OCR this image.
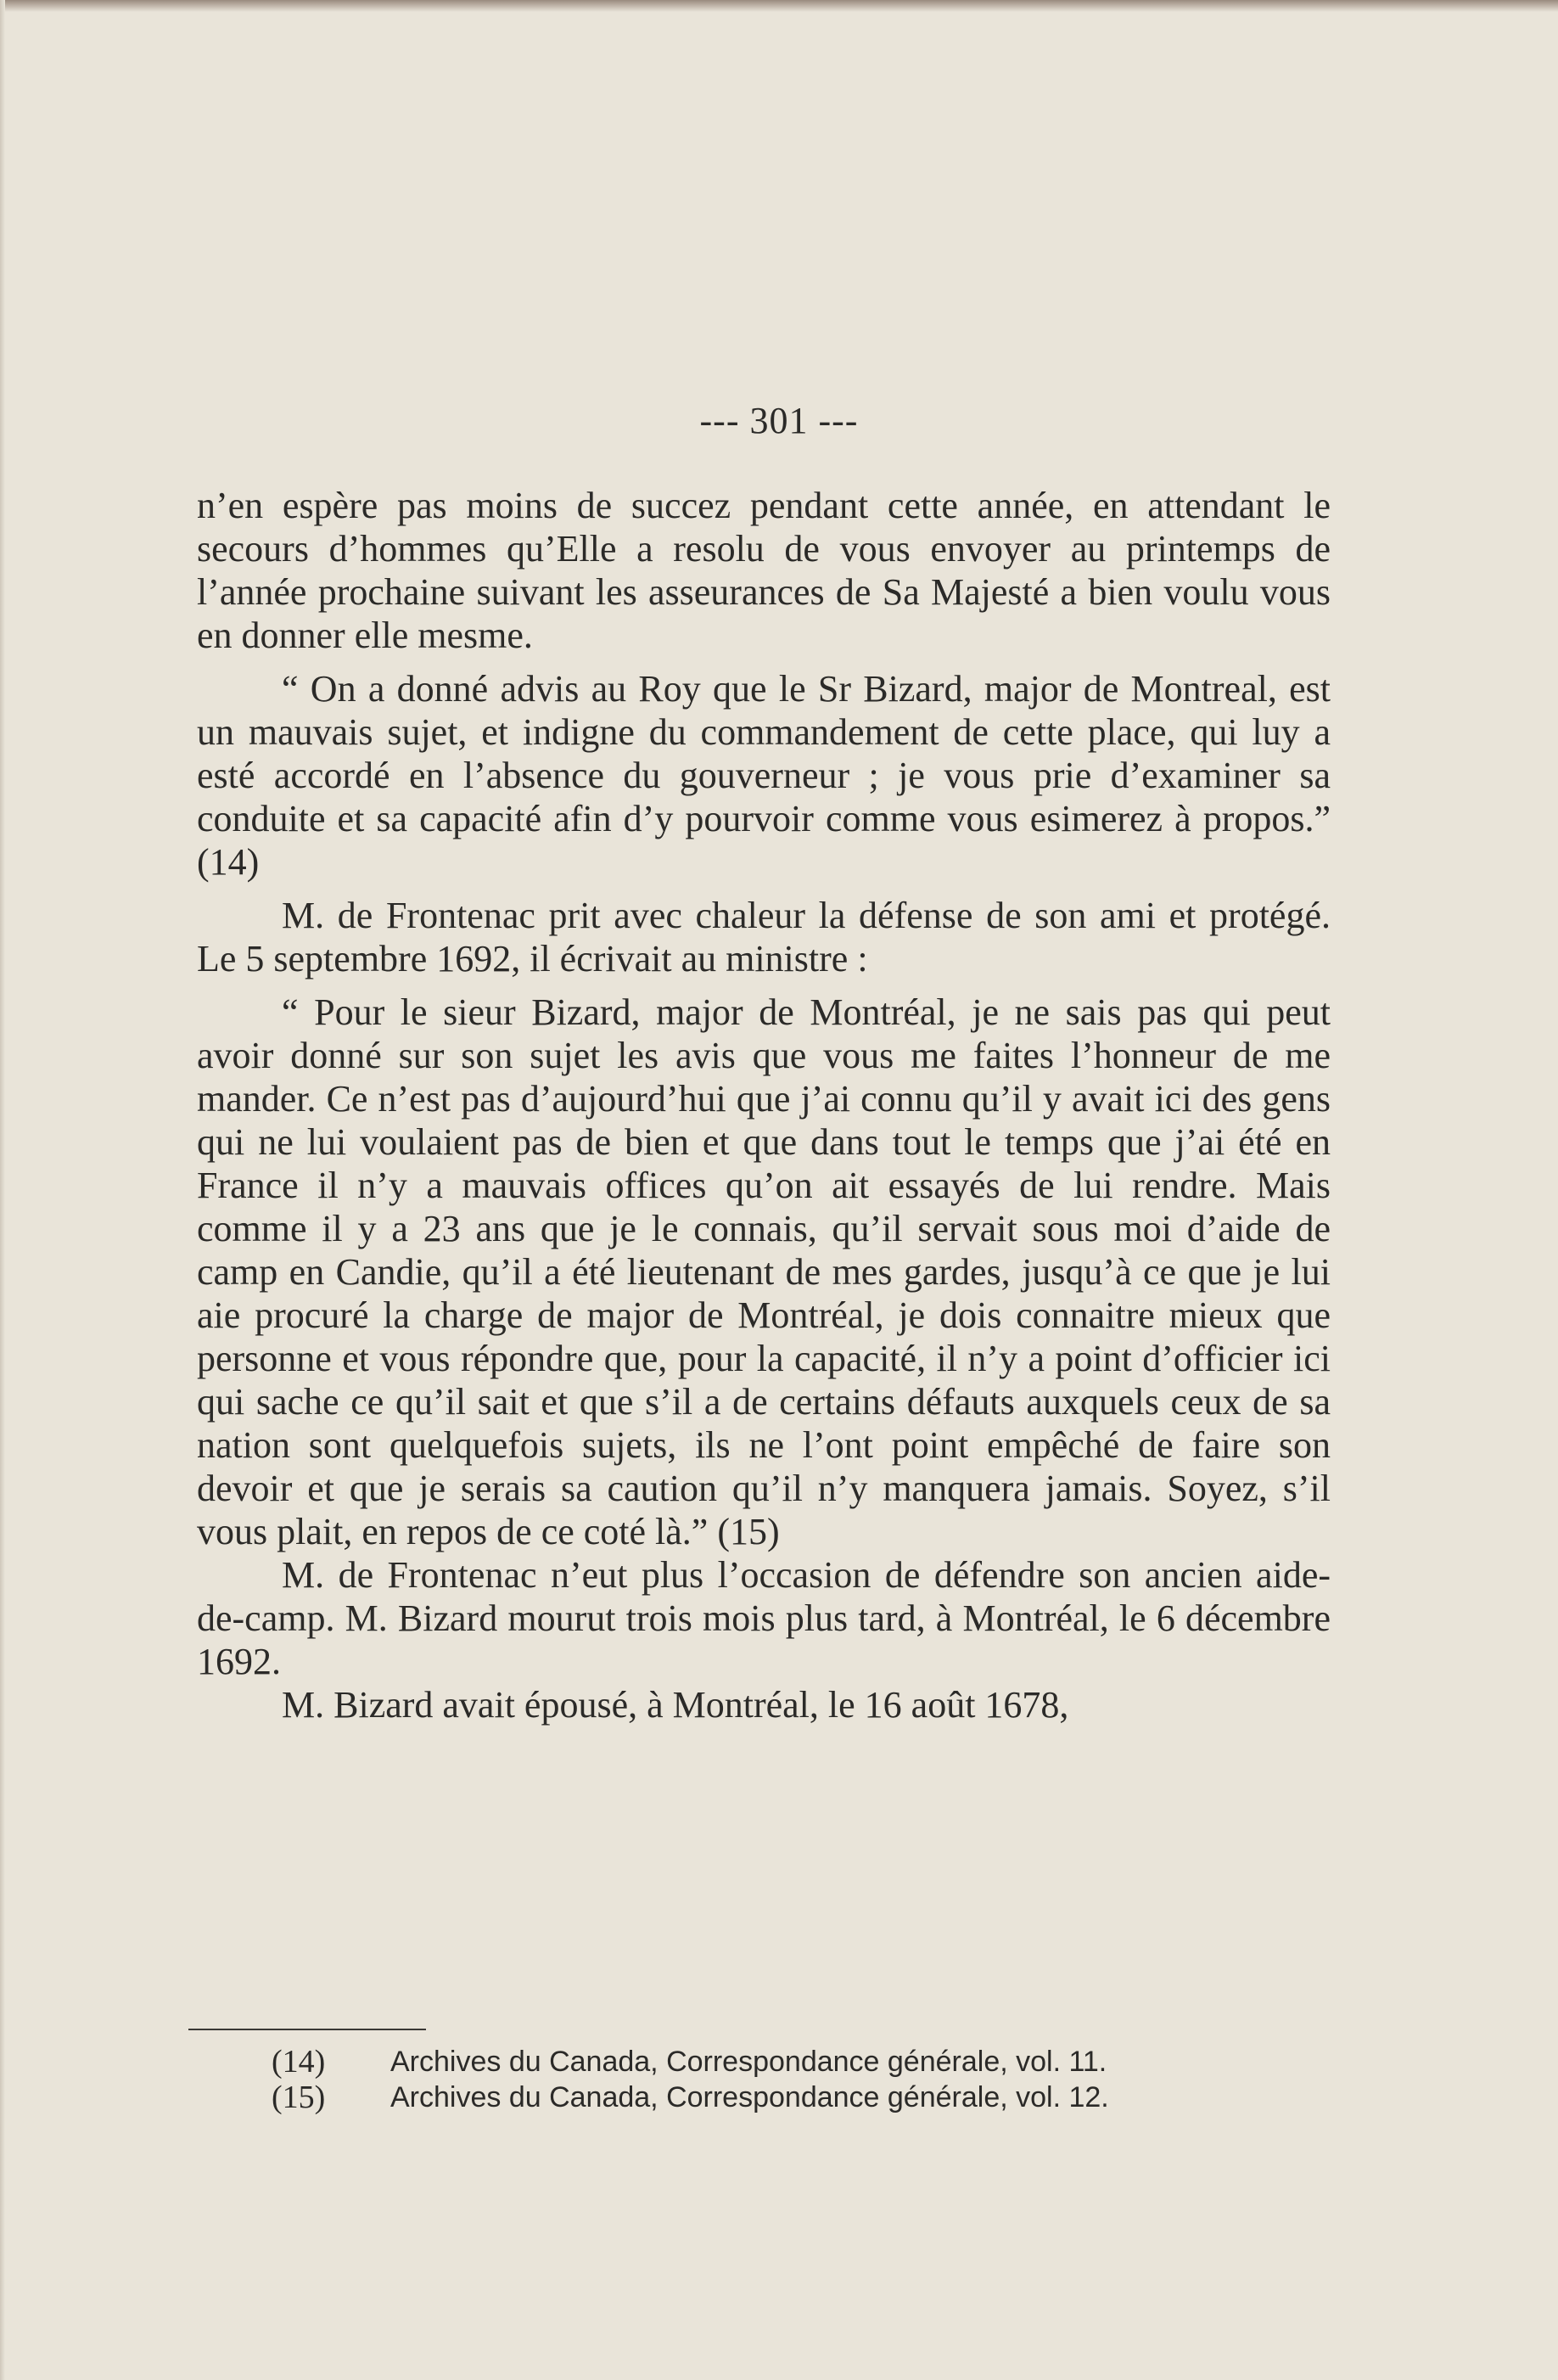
--- 301 ---

n’en espère pas moins de succez pendant cette année, en attendant le secours d’hommes qu’Elle a resolu de vous envoyer au printemps de l’année prochaine suivant les asseurances de Sa Majesté a bien voulu vous en donner elle mesme.

“ On a donné advis au Roy que le Sr Bizard, major de Montreal, est un mauvais sujet, et indigne du commandement de cette place, qui luy a esté accordé en l’absence du gouverneur ; je vous prie d’examiner sa conduite et sa capacité afin d’y pourvoir comme vous esimerez à propos.” (14)

M. de Frontenac prit avec chaleur la défense de son ami et protégé. Le 5 septembre 1692, il écrivait au ministre :

“ Pour le sieur Bizard, major de Montréal, je ne sais pas qui peut avoir donné sur son sujet les avis que vous me faites l’honneur de me mander. Ce n’est pas d’aujourd’hui que j’ai connu qu’il y avait ici des gens qui ne lui voulaient pas de bien et que dans tout le temps que j’ai été en France il n’y a mauvais offices qu’on ait essayés de lui rendre. Mais comme il y a 23 ans que je le connais, qu’il servait sous moi d’aide de camp en Candie, qu’il a été lieutenant de mes gardes, jusqu’à ce que je lui aie procuré la charge de major de Montréal, je dois connaitre mieux que personne et vous répondre que, pour la capacité, il n’y a point d’officier ici qui sache ce qu’il sait et que s’il a de certains défauts auxquels ceux de sa nation sont quelquefois sujets, ils ne l’ont point empêché de faire son devoir et que je serais sa caution qu’il n’y manquera jamais. Soyez, s’il vous plait, en repos de ce coté là.” (15)

M. de Frontenac n’eut plus l’occasion de défendre son ancien aide-de-camp. M. Bizard mourut trois mois plus tard, à Montréal, le 6 décembre 1692.

M. Bizard avait épousé, à Montréal, le 16 août 1678,

(14)	Archives du Canada, Correspondance générale, vol. 11.
(15)	Archives du Canada, Correspondance générale, vol. 12.
